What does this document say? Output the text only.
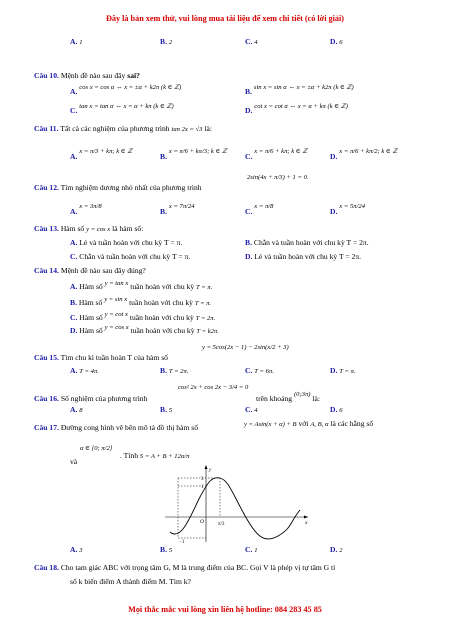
Đây là bản xem thử, vui lòng mua tài liệu để xem chi tiết (có lời giải)
A. 1	B. 2	C. 4	D. 6
Câu 10. Mệnh đề nào sau đây sai?
A. cos x = cos α ⇔ x = ±α + k2π (k ∈ ℤ)	B. sin x = sin α ⇔ x = ±α + k2π (k ∈ ℤ)
C. tan x = tan α ⇔ x = α + kπ (k ∈ ℤ)	D. cot x = cot α ⇔ x = α + kπ (k ∈ ℤ)
Câu 11. Tất cả các nghiệm của phương trình tan 2x = √3 là:
A. x = π/3 + kπ; k ∈ ℤ
B. x = π/6 + kπ/3; k ∈ ℤ
C. x = π/6 + kπ; k ∈ ℤ
D. x = π/6 + kπ/2; k ∈ ℤ
2sin(4x + π/3) + 1 = 0.
Câu 12. Tìm nghiệm dương nhỏ nhất của phương trình
A. x = 3π/8
B. x = 7π/24
C. x = π/8
D. x = 5π/24
Câu 13. Hàm số y = cos x là hàm số:
A. Lẻ và tuần hoàn với chu kỳ T = π.	B. Chẵn và tuần hoàn với chu kỳ T = 2π.
C. Chẵn và tuần hoàn với chu kỳ T = π.	D. Lẻ và tuần hoàn với chu kỳ T = 2π.
Câu 14. Mệnh đề nào sau đây đúng?
A. Hàm số y = tan x tuần hoàn với chu kỳ T = π.
B. Hàm số y = sin x tuần hoàn với chu kỳ T = π.
C. Hàm số y = cot x tuần hoàn với chu kỳ T = 2π.
D. Hàm số y = cos x tuần hoàn với chu kỳ T = k2π.
y = 5cos(2x − 1) − 2sin(x/2 + 3)
Câu 15. Tìm chu kì tuần hoàn T của hàm số
A. T = 4π.	B. T = 2π.	C. T = 6π.	D. T = π.
cos² 2x + cos 2x − 3/4 = 0
Câu 16. Số nghiệm của phương trình	trên khoảng (0;3π) là:
A. 8	B. 5	C. 4	D. 6
Câu 17. Đường cong hình vẽ bên mô tả đồ thị hàm số	y = Asin(x + α) + B với A, B, α là các hằng số
α ∈ [0; π/2]
và
. Tính S = A + B + 12α/π
y
x
O
3
1
−1
π/3
A. 3	B. 5	C. 1	D. 2
Câu 18. Cho tam giác ABC với trọng tâm G, M là trung điểm của BC. Gọi V là phép vị tự tâm G tỉ
số k biến điểm A thành điểm M. Tìm k?
Mọi thắc mắc vui lòng xin liên hệ hotline: 084 283 45 85
